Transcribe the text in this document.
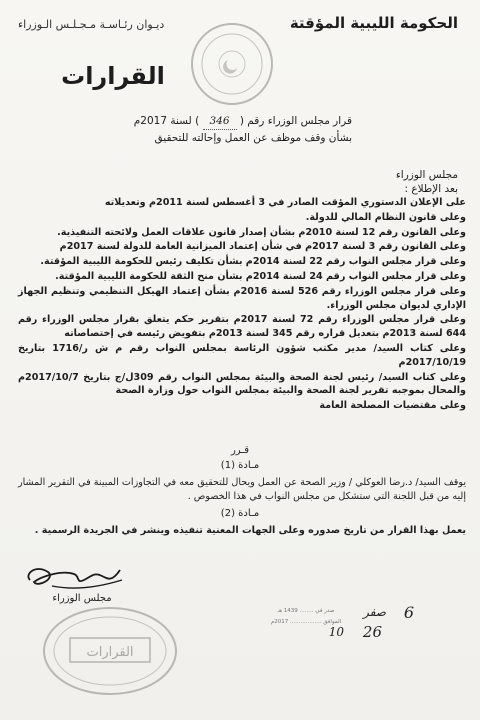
الحكومة الليبية المؤقتة
ديـوان رئـاسـة مـجـلـس الـوزراء
القرارات
قرار مجلس الوزراء رقم ( 346 ) لسنة 2017م
بشأن وقف موظف عن العمل وإحالته للتحقيق
مجلس الوزراء
بعد الإطلاع :

على الإعلان الدستوري المؤقت الصادر في 3 أغسطس لسنة 2011م وتعديلاته

وعلى قانون النظام المالي للدولة.

وعلى القانون رقم 12 لسنة 2010م بشأن إصدار قانون علاقات العمل ولائحته التنفيذية.

وعلى القانون رقم 3 لسنة 2017م في شأن إعتماد الميزانية العامة للدولة لسنة 2017م

وعلى قرار مجلس النواب رقم 22 لسنة 2014م بشأن تكليف رئيس للحكومة الليبية المؤقتة.

وعلى قرار مجلس النواب رقم 24 لسنة 2014م بشأن منح الثقة للحكومة الليبية المؤقتة.

وعلى قرار مجلس الوزراء رقم 526 لسنة 2016م بشأن إعتماد الهيكل التنظيمي وتنظيم الجهاز الإداري لديوان مجلس الوزراء.

وعلى قرار مجلس الوزراء رقم 72 لسنة 2017م بتقرير حكم يتعلق بقرار مجلس الوزراء رقم 644 لسنة 2013م بتعديل قراره رقم 345 لسنة 2013م بتفويض رئيسه في إختصاصاته

وعلى كتاب السيد/ مدير مكتب شؤون الرئاسة بمجلس النواب رقم م ش ر/1716 بتاريخ 2017/10/19م

وعلى كتاب السيد/ رئيس لجنة الصحة والبيئة بمجلس النواب رقم 309ل/ج بتاريخ 2017/10/7م والمحال بموجبه تقرير لجنة الصحة والبيئة بمجلس النواب حول وزارة الصحة

وعلى مقتضيات المصلحة العامة

قـرر
مـادة (1)
يوقف السيد/ د.رضا العوكلي / وزير الصحة عن العمل ويحال للتحقيق معه في التجاوزات المبينة في التقرير المشار إليه من قبل اللجنة التي ستشكل من مجلس النواب في هذا الخصوص .
مـادة (2)
يعمل بهذا القرار من تاريخ صدوره وعلى الجهات المعنية تنفيذه وينشر في الجريدة الرسمية .
مجلس الوزراء
القرارات
صدر في ........ 1439 هـ
الموافق .................. 2017م	6
صفر
26
10
